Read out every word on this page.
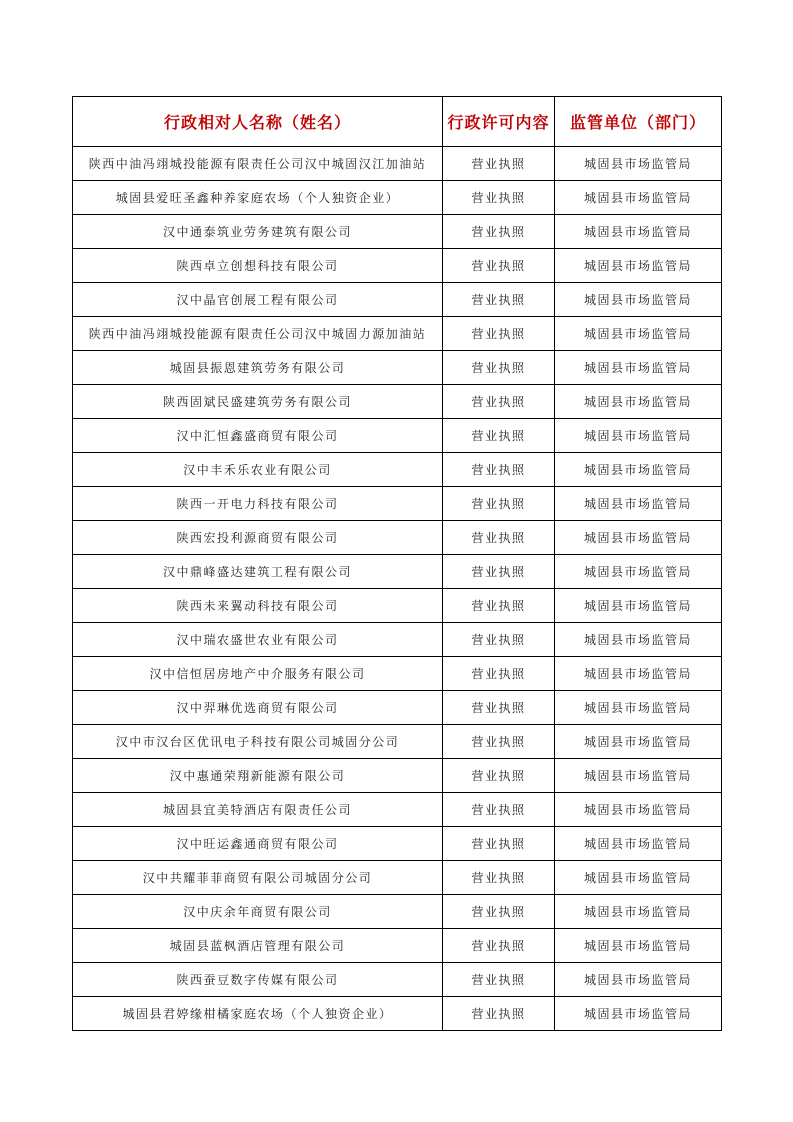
行政相对人名称（姓名）	行政许可内容	监管单位（部门）
陕西中油冯翊城投能源有限责任公司汉中城固汉江加油站	营业执照	城固县市场监管局
城固县爱旺圣鑫种养家庭农场（个人独资企业）	营业执照	城固县市场监管局
汉中通泰筑业劳务建筑有限公司	营业执照	城固县市场监管局
陕西卓立创想科技有限公司	营业执照	城固县市场监管局
汉中晶官创展工程有限公司	营业执照	城固县市场监管局
陕西中油冯翊城投能源有限责任公司汉中城固力源加油站	营业执照	城固县市场监管局
城固县振恩建筑劳务有限公司	营业执照	城固县市场监管局
陕西固斌民盛建筑劳务有限公司	营业执照	城固县市场监管局
汉中汇恒鑫盛商贸有限公司	营业执照	城固县市场监管局
汉中丰禾乐农业有限公司	营业执照	城固县市场监管局
陕西一开电力科技有限公司	营业执照	城固县市场监管局
陕西宏投利源商贸有限公司	营业执照	城固县市场监管局
汉中鼎峰盛达建筑工程有限公司	营业执照	城固县市场监管局
陕西未来翼动科技有限公司	营业执照	城固县市场监管局
汉中瑞农盛世农业有限公司	营业执照	城固县市场监管局
汉中信恒居房地产中介服务有限公司	营业执照	城固县市场监管局
汉中羿琳优选商贸有限公司	营业执照	城固县市场监管局
汉中市汉台区优讯电子科技有限公司城固分公司	营业执照	城固县市场监管局
汉中惠通荣翔新能源有限公司	营业执照	城固县市场监管局
城固县宜美特酒店有限责任公司	营业执照	城固县市场监管局
汉中旺运鑫通商贸有限公司	营业执照	城固县市场监管局
汉中共耀菲菲商贸有限公司城固分公司	营业执照	城固县市场监管局
汉中庆余年商贸有限公司	营业执照	城固县市场监管局
城固县蓝枫酒店管理有限公司	营业执照	城固县市场监管局
陕西蚕豆数字传媒有限公司	营业执照	城固县市场监管局
城固县君婷缘柑橘家庭农场（个人独资企业）	营业执照	城固县市场监管局
